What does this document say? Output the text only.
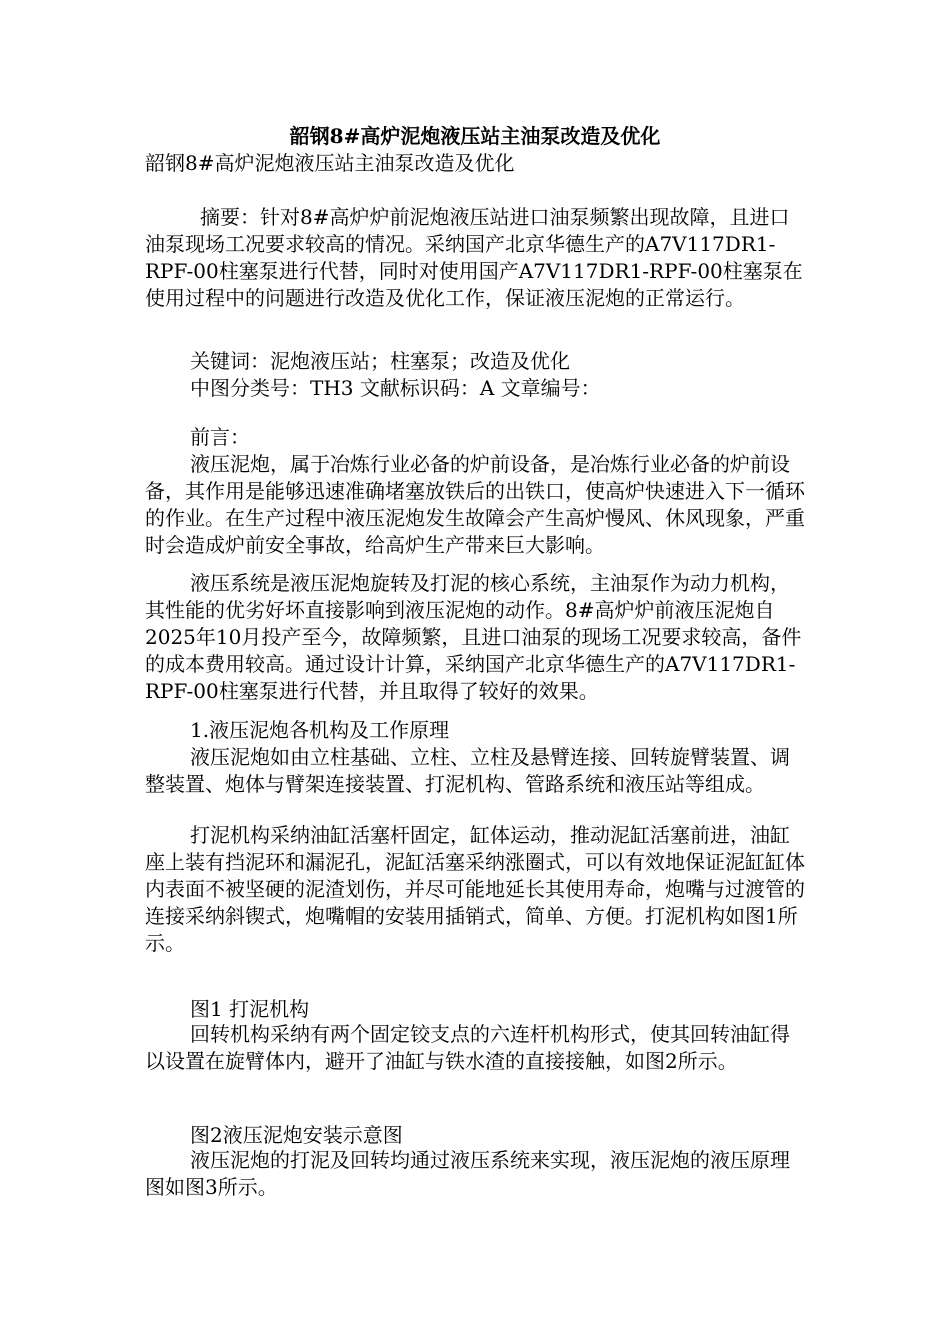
韶钢8#高炉泥炮液压站主油泵改造及优化
韶钢8#高炉泥炮液压站主油泵改造及优化
摘要：针对8#高炉炉前泥炮液压站进口油泵频繁出现故障，且进口油泵现场工况要求较高的情况。采纳国产北京华德生产的A7V117DR1-RPF-00柱塞泵进行代替，同时对使用国产A7V117DR1-RPF-00柱塞泵在使用过程中的问题进行改造及优化工作，保证液压泥炮的正常运行。
关键词：泥炮液压站；柱塞泵；改造及优化
中图分类号：TH3 文献标识码：A 文章编号：
前言：
液压泥炮，属于冶炼行业必备的炉前设备，是冶炼行业必备的炉前设备，其作用是能够迅速准确堵塞放铁后的出铁口，使高炉快速进入下一循环的作业。在生产过程中液压泥炮发生故障会产生高炉慢风、休风现象，严重时会造成炉前安全事故，给高炉生产带来巨大影响。
液压系统是液压泥炮旋转及打泥的核心系统，主油泵作为动力机构，其性能的优劣好坏直接影响到液压泥炮的动作。8#高炉炉前液压泥炮自2025年10月投产至今，故障频繁，且进口油泵的现场工况要求较高，备件的成本费用较高。通过设计计算，采纳国产北京华德生产的A7V117DR1-RPF-00柱塞泵进行代替，并且取得了较好的效果。
1.液压泥炮各机构及工作原理
液压泥炮如由立柱基础、立柱、立柱及悬臂连接、回转旋臂装置、调整装置、炮体与臂架连接装置、打泥机构、管路系统和液压站等组成。
打泥机构采纳油缸活塞杆固定，缸体运动，推动泥缸活塞前进，油缸座上装有挡泥环和漏泥孔，泥缸活塞采纳涨圈式，可以有效地保证泥缸缸体内表面不被坚硬的泥渣划伤，并尽可能地延长其使用寿命，炮嘴与过渡管的连接采纳斜锲式，炮嘴帽的安装用插销式，简单、方便。打泥机构如图1所示。
图1 打泥机构
回转机构采纳有两个固定铰支点的六连杆机构形式，使其回转油缸得以设置在旋臂体内，避开了油缸与铁水渣的直接接触，如图2所示。
图2液压泥炮安装示意图
液压泥炮的打泥及回转均通过液压系统来实现，液压泥炮的液压原理图如图3所示。
